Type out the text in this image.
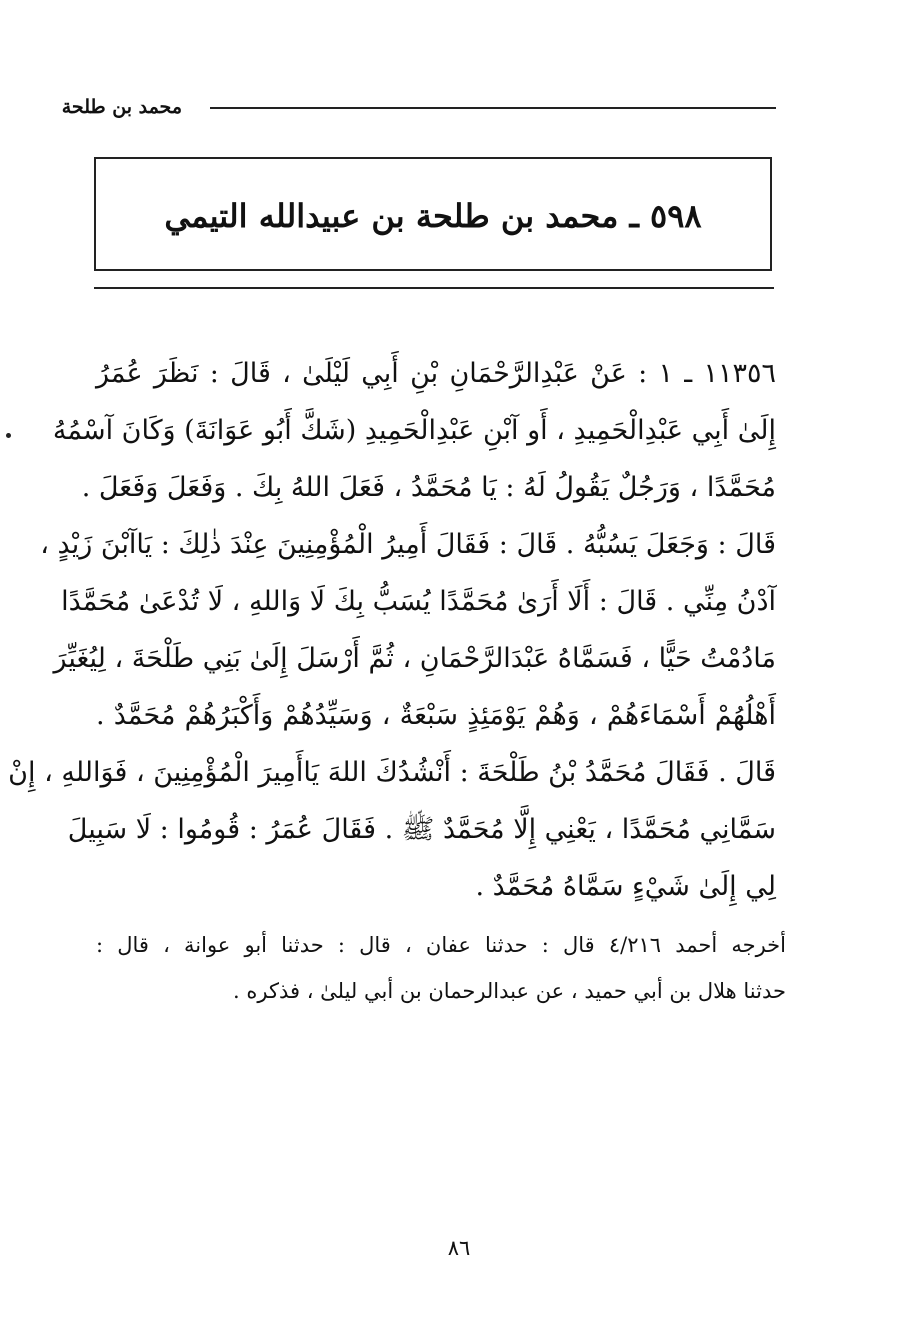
محمد بن طلحة
٥٩٨ ـ محمد بن طلحة بن عبيدالله التيمي
١١٣٥٦ ـ ١ : عَنْ عَبْدِالرَّحْمَانِ بْنِ أَبِي لَيْلَىٰ ، قَالَ : نَظَرَ عُمَرُ
إِلَىٰ أَبِي عَبْدِالْحَمِيدِ ، أَو آبْنِ عَبْدِالْحَمِيدِ (شَكَّ أَبُو عَوَانَةَ) وَكَانَ آسْمُهُ
مُحَمَّدًا ، وَرَجُلٌ يَقُولُ لَهُ : يَا مُحَمَّدُ ، فَعَلَ اللهُ بِكَ . وَفَعَلَ وَفَعَلَ .
قَالَ : وَجَعَلَ يَسُبُّهُ . قَالَ : فَقَالَ أَمِيرُ الْمُؤْمِنِينَ عِنْدَ ذٰلِكَ : يَاآبْنَ زَيْدٍ ،
آدْنُ مِنِّي . قَالَ : أَلَا أَرَىٰ مُحَمَّدًا يُسَبُّ بِكَ لَا وَاللهِ ، لَا تُدْعَىٰ مُحَمَّدًا
مَادُمْتُ حَيًّا ، فَسَمَّاهُ عَبْدَالرَّحْمَانِ ، ثُمَّ أَرْسَلَ إِلَىٰ بَنِي طَلْحَةَ ، لِيُغَيِّرَ
أَهْلُهُمْ أَسْمَاءَهُمْ ، وَهُمْ يَوْمَئِذٍ سَبْعَةٌ ، وَسَيِّدُهُمْ وَأَكْبَرُهُمْ مُحَمَّدٌ .
قَالَ . فَقَالَ مُحَمَّدُ بْنُ طَلْحَةَ : أَنْشُدُكَ اللهَ يَاأَمِيرَ الْمُؤْمِنِينَ ، فَوَاللهِ ، إِنْ
سَمَّانِي مُحَمَّدًا ، يَعْنِي إِلَّا مُحَمَّدٌ ﷺ . فَقَالَ عُمَرُ : قُومُوا : لَا سَبِيلَ
لِي إِلَىٰ شَيْءٍ سَمَّاهُ مُحَمَّدٌ .
أخرجه أحمد ٤/٢١٦ قال : حدثنا عفان ، قال : حدثنا أبو عوانة ، قال :
حدثنا هلال بن أبي حميد ، عن عبدالرحمان بن أبي ليلىٰ ، فذكره .
٨٦
